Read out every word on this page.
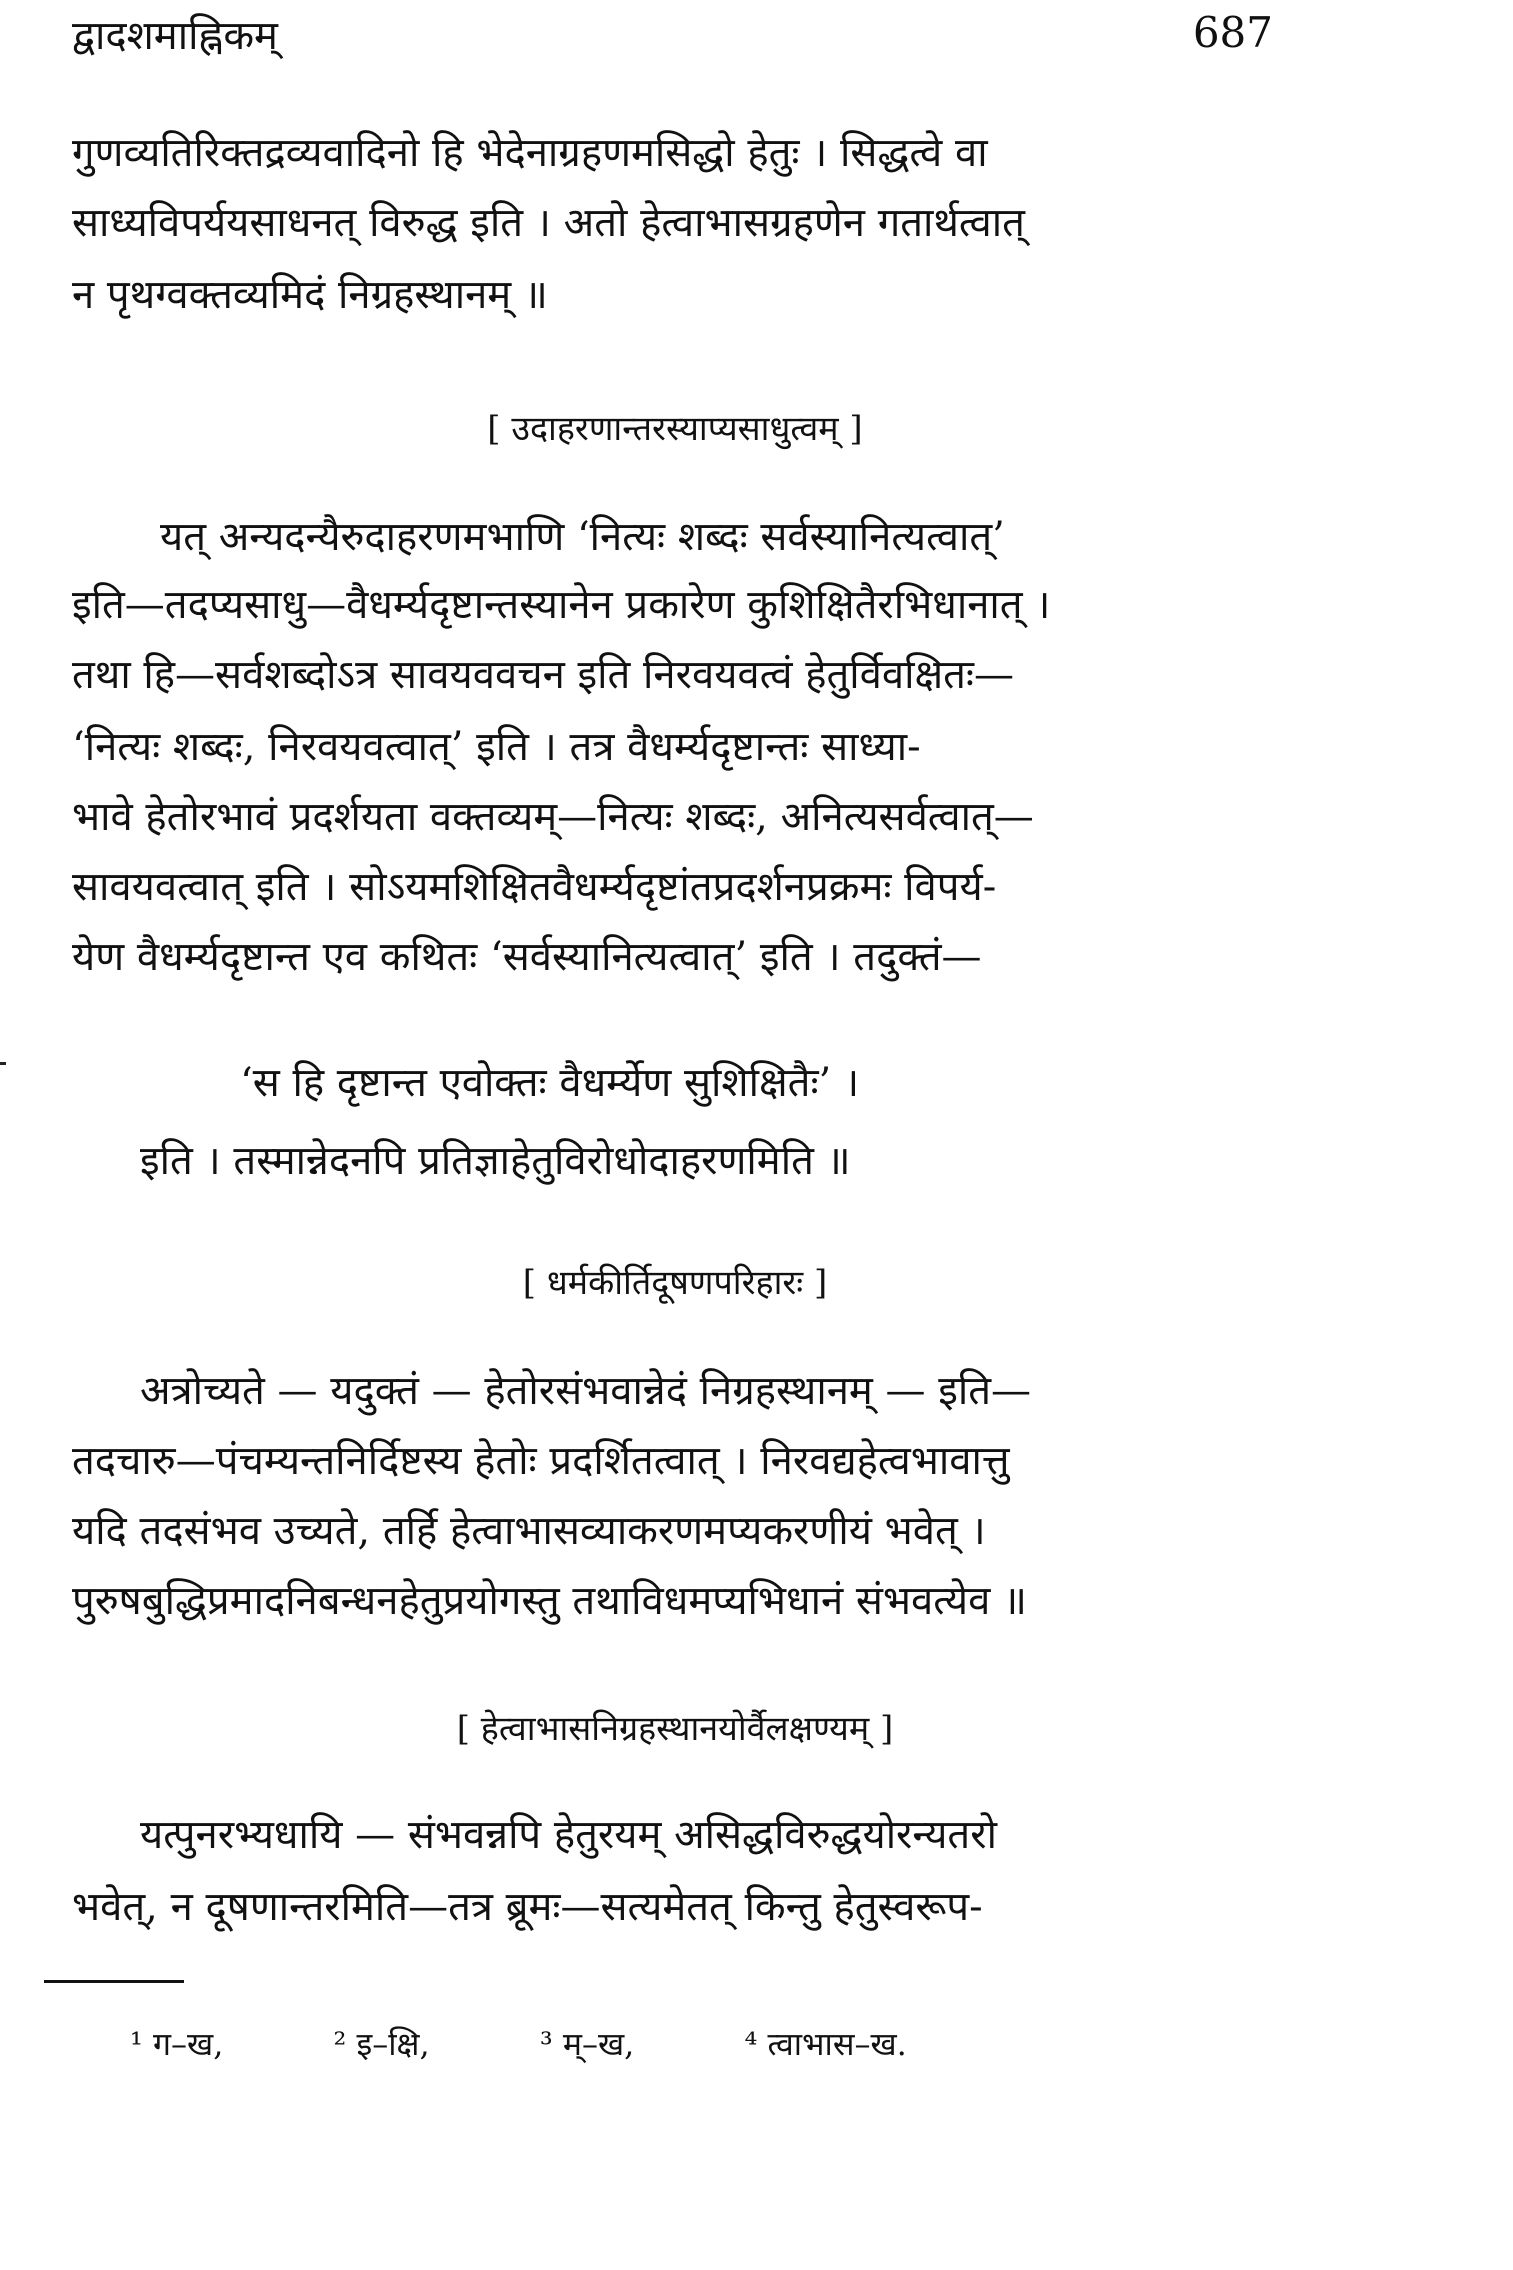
द्वादशमाह्निकम्	687
गुणव्यतिरिक्तद्रव्यवादिनो हि भेदेनाग्रहणमसिद्धो हेतुः । सिद्धत्वे वा
साध्यविपर्ययसाधनत् विरुद्ध इति । अतो हेत्वाभासग्रहणेन गतार्थत्वात्
न पृथग्वक्तव्यमिदं निग्रहस्थानम् ॥
[ उदाहरणान्तरस्याप्यसाधुत्वम् ]
यत् अन्यदन्यैरुदाहरणमभाणि ‘नित्यः शब्दः सर्वस्यानित्यत्वात्’
इति—तदप्यसाधु—वैधर्म्यदृष्टान्तस्यानेन प्रकारेण कुशिक्षितैरभिधानात् ।
तथा हि—सर्वशब्दोऽत्र सावयववचन इति निरवयवत्वं हेतुर्विवक्षितः—
‘नित्यः शब्दः, निरवयवत्वात्’ इति । तत्र वैधर्म्यदृष्टान्तः साध्या-
भावे हेतोरभावं प्रदर्शयता वक्तव्यम्—नित्यः शब्दः, अनित्यसर्वत्वात्—
सावयवत्वात् इति । सोऽयमशिक्षितवैधर्म्यदृष्टांतप्रदर्शनप्रक्रमः विपर्य-
येण वैधर्म्यदृष्टान्त एव कथितः ‘सर्वस्यानित्यत्वात्’ इति । तदुक्तं—
‘स हि दृष्टान्त एवोक्तः वैधर्म्येण सुशिक्षितैः’ ।
इति । तस्मान्नेदनपि प्रतिज्ञाहेतुविरोधोदाहरणमिति ॥
[ धर्मकीर्तिदूषणपरिहारः ]
अत्रोच्यते — यदुक्तं — हेतोरसंभवान्नेदं निग्रहस्थानम् — इति—
तदचारु—पंचम्यन्तनिर्दिष्टस्य हेतोः प्रदर्शितत्वात् । निरवद्यहेत्वभावात्तु
यदि तदसंभव उच्यते, तर्हि हेत्वाभासव्याकरणमप्यकरणीयं भवेत् ।
पुरुषबुद्धिप्रमादनिबन्धनहेतुप्रयोगस्तु तथाविधमप्यभिधानं संभवत्येव ॥
[ हेत्वाभासनिग्रहस्थानयोर्वैलक्षण्यम् ]
यत्पुनरभ्यधायि — संभवन्नपि हेतुरयम् असिद्धविरुद्धयोरन्यतरो
भवेत्, न दूषणान्तरमिति—तत्र ब्रूमः—सत्यमेतत् किन्तु हेतुस्वरूप-
¹ ग–ख,	² इ–क्षि,	³ म्–ख,	⁴ त्वाभास–ख.
